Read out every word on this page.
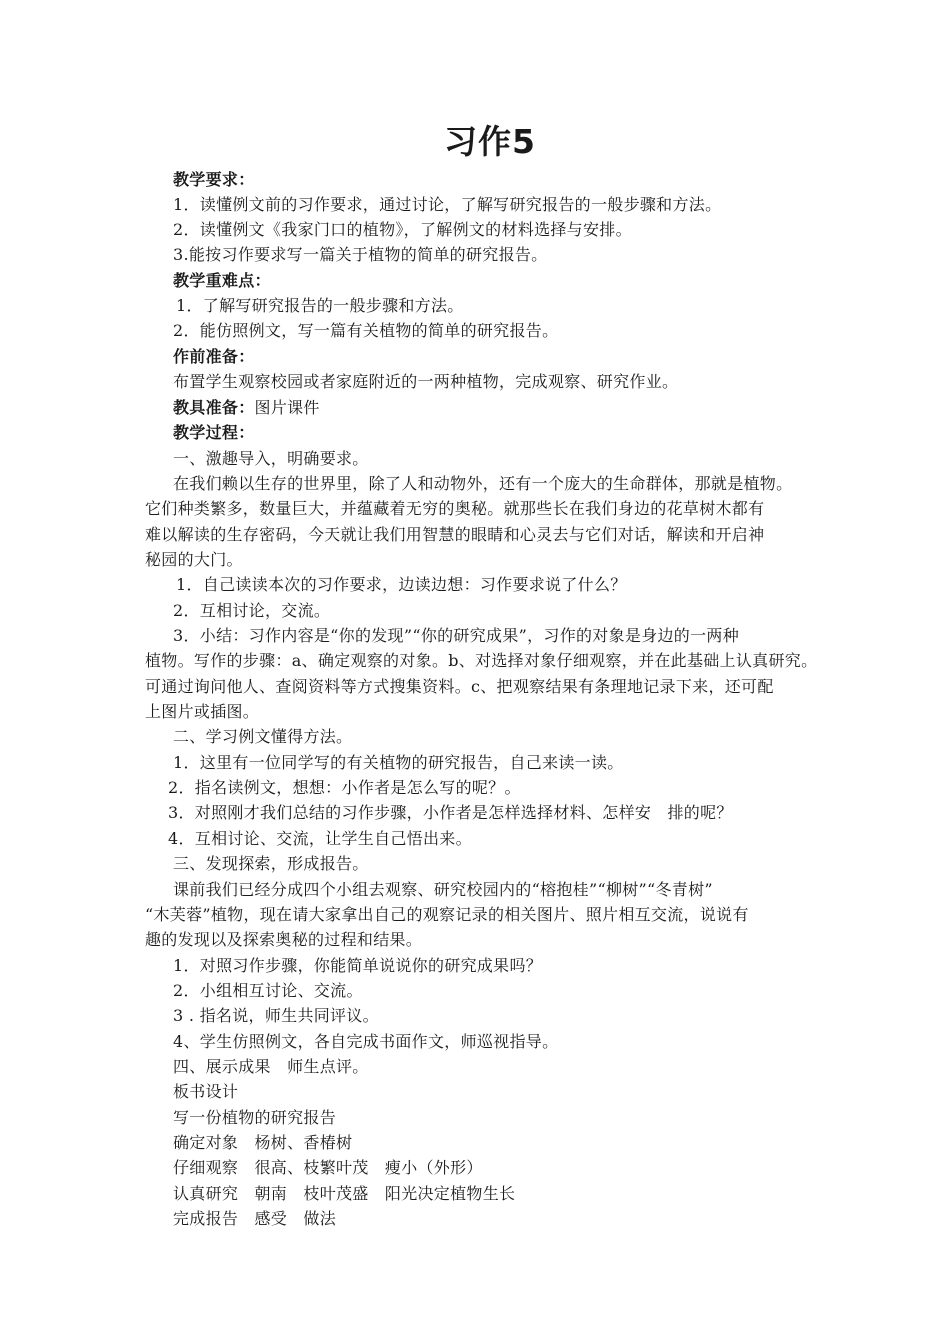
习作5
教学要求：
1．读懂例文前的习作要求，通过讨论，了解写研究报告的一般步骤和方法。
2．读懂例文《我家门口的植物》，了解例文的材料选择与安排。
3.能按习作要求写一篇关于植物的简单的研究报告。
教学重难点：
1．了解写研究报告的一般步骤和方法。
2．能仿照例文，写一篇有关植物的简单的研究报告。
作前准备：
布置学生观察校园或者家庭附近的一两种植物，完成观察、研究作业。
教具准备：图片课件
教学过程：
一、激趣导入，明确要求。
在我们赖以生存的世界里，除了人和动物外，还有一个庞大的生命群体，那就是植物。
它们种类繁多，数量巨大，并蕴藏着无穷的奥秘。就那些长在我们身边的花草树木都有
难以解读的生存密码，今天就让我们用智慧的眼睛和心灵去与它们对话，解读和开启神
秘园的大门。
1．自己读读本次的习作要求，边读边想：习作要求说了什么？
2．互相讨论，交流。
3．小结：习作内容是“你的发现”“你的研究成果”，习作的对象是身边的一两种
植物。写作的步骤：a、确定观察的对象。b、对选择对象仔细观察，并在此基础上认真研究。
可通过询问他人、查阅资料等方式搜集资料。c、把观察结果有条理地记录下来，还可配
上图片或插图。
二、学习例文懂得方法。
1．这里有一位同学写的有关植物的研究报告，自己来读一读。
2．指名读例文，想想：小作者是怎么写的呢？。
3．对照刚才我们总结的习作步骤，小作者是怎样选择材料、怎样安　排的呢？
4．互相讨论、交流，让学生自己悟出来。
三、发现探索，形成报告。
课前我们已经分成四个小组去观察、研究校园内的“榕抱桂”“柳树”“冬青树”
“木芙蓉”植物，现在请大家拿出自己的观察记录的相关图片、照片相互交流，说说有
趣的发现以及探索奥秘的过程和结果。
1．对照习作步骤，你能简单说说你的研究成果吗？
2．小组相互讨论、交流。
3 . 指名说，师生共同评议。
4、学生仿照例文，各自完成书面作文，师巡视指导。
四、展示成果　师生点评。
板书设计
写一份植物的研究报告
确定对象　杨树、香椿树
仔细观察　很高、枝繁叶茂　瘦小（外形）
认真研究　朝南　枝叶茂盛　阳光决定植物生长
完成报告　感受　做法
